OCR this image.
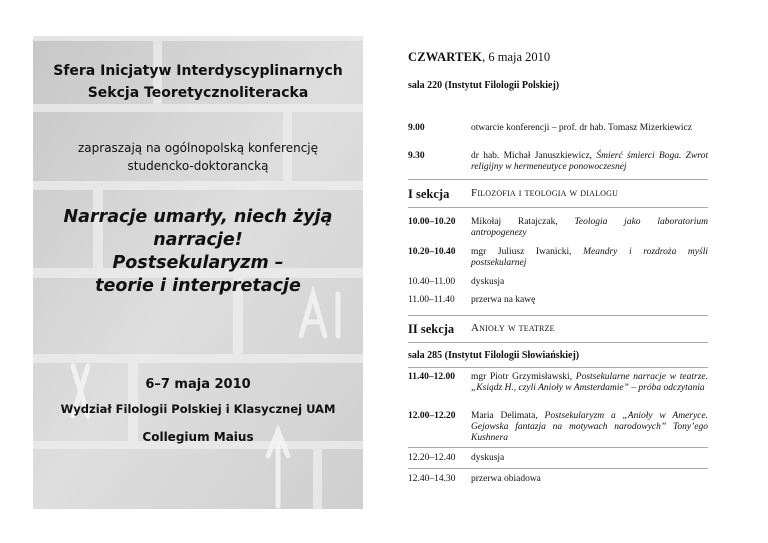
Sfera Inicjatyw Interdyscyplinarnych
Sekcja Teoretycznoliteracka
zapraszają na ogólnopolską konferencję
studencko-doktorancką
Narracje umarły, niech żyją
narracje!
Postsekularyzm –
teorie i interpretacje
6–7 maja 2010
Wydział Filologii Polskiej i Klasycznej UAM
Collegium Maius
CZWARTEK, 6 maja 2010
sala 220 (Instytut Filologii Polskiej)
9.00	otwarcie konferencji – prof. dr hab. Tomasz Mizerkiewicz
9.30	dr hab. Michał Januszkiewicz, Śmierć śmierci Boga. Zwrot religijny w hermeneutyce ponowoczesnej
I sekcja Filozofia i teologia w dialogu
10.00–10.20	Mikołaj Ratajczak, Teologia jako laboratorium antropogenezy
10.20–10.40	mgr Juliusz Iwanicki, Meandry i rozdroża myśli postsekularnej
10.40–11.00	dyskusja
11.00–11.40	przerwa na kawę
II sekcja Anioły w teatrze
sala 285 (Instytut Filologii Słowiańskiej)
11.40–12.00	mgr Piotr Grzymisławski, Postsekularne narracje w teatrze. „Ksiądz H., czyli Anioły w Amsterdamie” – próba odczytania
12.00–12.20	Maria Delimata, Postsekularyzm a „Anioły w Ameryce. Gejowska fantazja na motywach narodowych” Tony’ego Kushnera
12.20–12.40	dyskusja
12.40–14.30	przerwa obiadowa
